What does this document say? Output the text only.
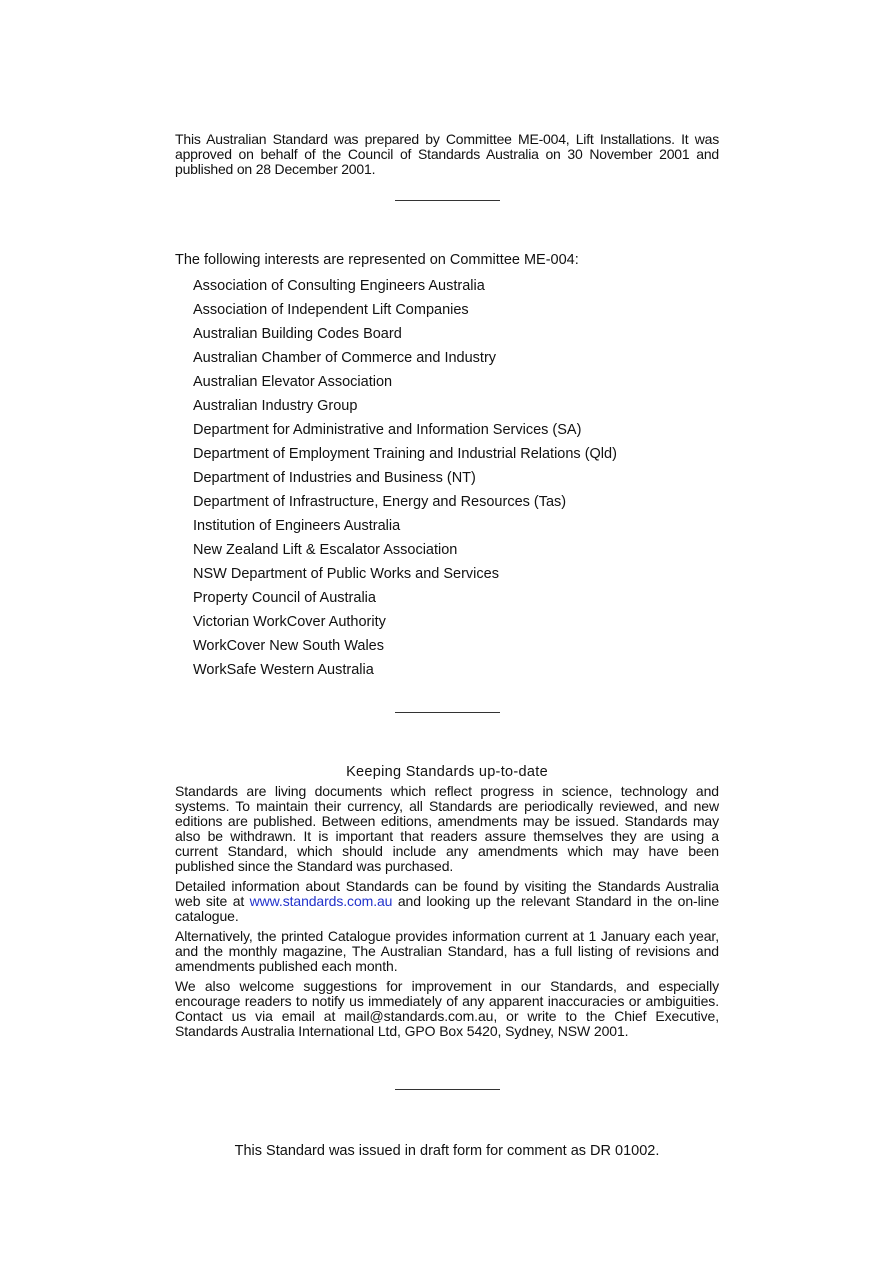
This Australian Standard was prepared by Committee ME-004, Lift Installations. It was approved on behalf of the Council of Standards Australia on 30 November 2001 and published on 28 December 2001.

The following interests are represented on Committee ME-004:
Association of Consulting Engineers Australia
Association of Independent Lift Companies
Australian Building Codes Board
Australian Chamber of Commerce and Industry
Australian Elevator Association
Australian Industry Group
Department for Administrative and Information Services (SA)
Department of Employment Training and Industrial Relations (Qld)
Department of Industries and Business (NT)
Department of Infrastructure, Energy and Resources (Tas)
Institution of Engineers Australia
New Zealand Lift & Escalator Association
NSW Department of Public Works and Services
Property Council of Australia
Victorian WorkCover Authority
WorkCover New South Wales
WorkSafe Western Australia
Keeping Standards up-to-date

Standards are living documents which reflect progress in science, technology and systems. To maintain their currency, all Standards are periodically reviewed, and new editions are published. Between editions, amendments may be issued. Standards may also be withdrawn. It is important that readers assure themselves they are using a current Standard, which should include any amendments which may have been published since the Standard was purchased.

Detailed information about Standards can be found by visiting the Standards Australia web site at www.standards.com.au and looking up the relevant Standard in the on-line catalogue.

Alternatively, the printed Catalogue provides information current at 1 January each year, and the monthly magazine, The Australian Standard, has a full listing of revisions and amendments published each month.

We also welcome suggestions for improvement in our Standards, and especially encourage readers to notify us immediately of any apparent inaccuracies or ambiguities. Contact us via email at mail@standards.com.au, or write to the Chief Executive, Standards Australia International Ltd, GPO Box 5420, Sydney, NSW 2001.

This Standard was issued in draft form for comment as DR 01002.
